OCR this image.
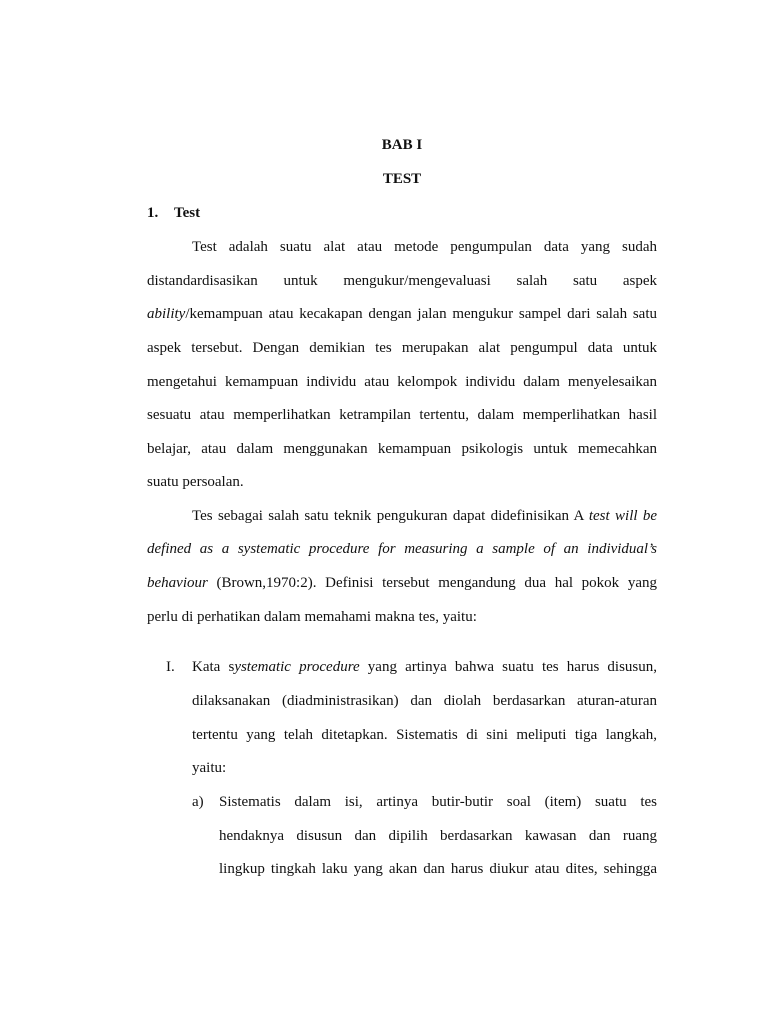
BAB I

TEST

1. Test

Test adalah suatu alat atau metode pengumpulan data yang sudah

distandardisasikan untuk mengukur/mengevaluasi salah satu aspek

ability/kemampuan atau kecakapan dengan jalan mengukur sampel dari salah satu

aspek tersebut. Dengan demikian tes merupakan alat pengumpul data untuk

mengetahui kemampuan individu atau kelompok individu dalam menyelesaikan

sesuatu atau memperlihatkan ketrampilan tertentu, dalam memperlihatkan hasil

belajar, atau dalam menggunakan kemampuan psikologis untuk memecahkan

suatu persoalan.

Tes sebagai salah satu teknik pengukuran dapat didefinisikan A test will be

defined as a systematic procedure for measuring a sample of an individual’s

behaviour (Brown,1970:2). Definisi tersebut mengandung dua hal pokok yang

perlu di perhatikan dalam memahami makna tes, yaitu:

I. Kata systematic procedure yang artinya bahwa suatu tes harus disusun,

dilaksanakan (diadministrasikan) dan diolah berdasarkan aturan-aturan

tertentu yang telah ditetapkan. Sistematis di sini meliputi tiga langkah,

yaitu:

a) Sistematis dalam isi, artinya butir-butir soal (item) suatu tes

hendaknya disusun dan dipilih berdasarkan kawasan dan ruang

lingkup tingkah laku yang akan dan harus diukur atau dites, sehingga
